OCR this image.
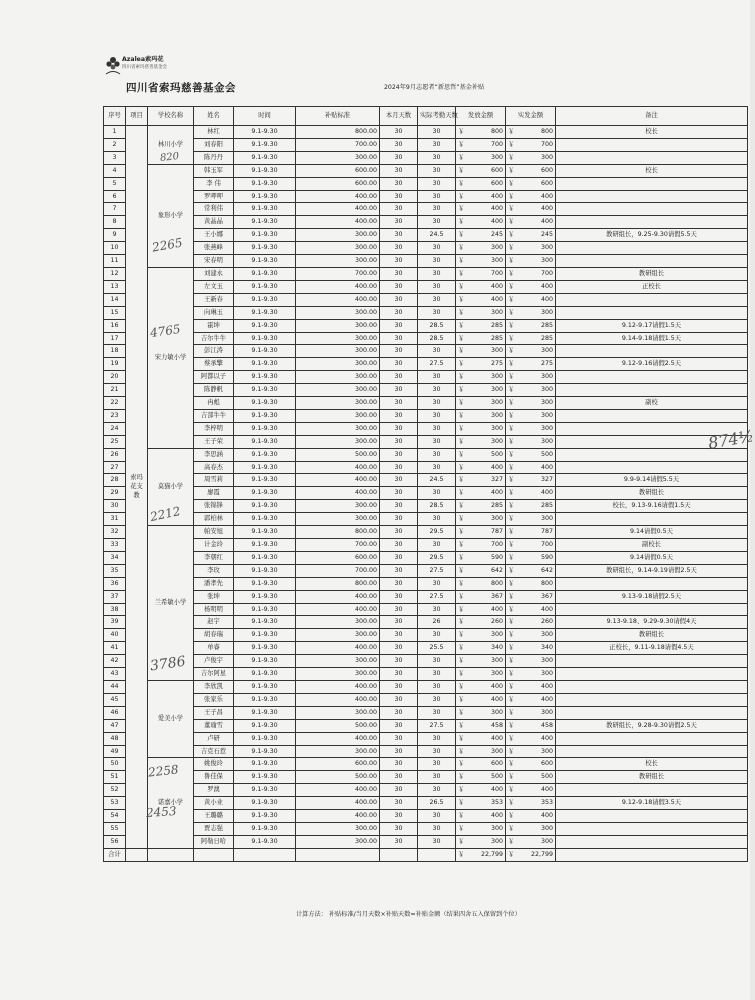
Azalea索玛花
四川省索玛慈善基金会
四川省索玛慈善基金会	2024年9月志愿者“新思哲”基金补贴
序号	项目	学校名称	姓名	时间	补贴标准	本月天数	实际考勤天数	发放金额	实发金额	备注
1	索玛花支教	林川小学	林红	9.1-9.30	800.00	30	30	￥ 800	￥ 800	校长
2			刘春阳	9.1-9.30	700.00	30	30	￥ 700	￥ 700	

3			陈丹丹	9.1-9.30	300.00	30	30	￥ 300	￥ 300	

4		象形小学	韩玉军	9.1-9.30	600.00	30	30	￥ 600	￥ 600	校长
5			李 伟	9.1-9.30	600.00	30	30	￥ 600	￥ 600	

6			罗呷呷	9.1-9.30	400.00	30	30	￥ 400	￥ 400	

7			常利伟	9.1-9.30	400.00	30	30	￥ 400	￥ 400	

8			黄晶晶	9.1-9.30	400.00	30	30	￥ 400	￥ 400	

9			王小娜	9.1-9.30	300.00	30	24.5	￥ 245	￥ 245	教研组长，9.25-9.30请假5.5天
10			张燕峰	9.1-9.30	300.00	30	30	￥ 300	￥ 300	

11			宋春明	9.1-9.30	300.00	30	30	￥ 300	￥ 300	

12		宋力敏小学	刘建永	9.1-9.30	700.00	30	30	￥ 700	￥ 700	教研组长
13			左文玉	9.1-9.30	400.00	30	30	￥ 400	￥ 400	正校长
14			王新春	9.1-9.30	400.00	30	30	￥ 400	￥ 400	

15			向琳玉	9.1-9.30	300.00	30	30	￥ 300	￥ 300	

16			霍坤	9.1-9.30	300.00	30	28.5	￥ 285	￥ 285	9.12-9.17请假1.5天
17			吉尔牛牛	9.1-9.30	300.00	30	28.5	￥ 285	￥ 285	9.14-9.18请假1.5天
18			彭江涛	9.1-9.30	300.00	30	30	￥ 300	￥ 300	

19			蔡承擎	9.1-9.30	300.00	30	27.5	￥ 275	￥ 275	9.12-9.16请假2.5天
20			阿都以子	9.1-9.30	300.00	30	30	￥ 300	￥ 300	

21			陈静帆	9.1-9.30	300.00	30	30	￥ 300	￥ 300	

22			冉彪	9.1-9.30	300.00	30	30	￥ 300	￥ 300	副校
23			吉部牛牛	9.1-9.30	300.00	30	30	￥ 300	￥ 300	

24			李梓明	9.1-9.30	300.00	30	30	￥ 300	￥ 300	

25			王子荣	9.1-9.30	300.00	30	30	￥ 300	￥ 300	

26		莫猫小学	李思涵	9.1-9.30	500.00	30	30	￥ 500	￥ 500	

27			高春杰	9.1-9.30	400.00	30	30	￥ 400	￥ 400	

28			周雪莉	9.1-9.30	400.00	30	24.5	￥ 327	￥ 327	9.9-9.14请假5.5天
29			廖霞	9.1-9.30	400.00	30	30	￥ 400	￥ 400	教研组长
30			张锦锋	9.1-9.30	300.00	30	28.5	￥ 285	￥ 285	校长，9.13-9.16请假1.5天
31			郭柏林	9.1-9.30	300.00	30	30	￥ 300	￥ 300	

32		兰希敏小学	帕安旭	9.1-9.30	800.00	30	29.5	￥ 787	￥ 787	9.14请假0.5天
33			计金玲	9.1-9.30	700.00	30	30	￥ 700	￥ 700	副校长
34			李朝红	9.1-9.30	600.00	30	29.5	￥ 590	￥ 590	9.14请假0.5天
35			李玫	9.1-9.30	700.00	30	27.5	￥ 642	￥ 642	教研组长，9.14-9.19请假2.5天
36			潘孝先	9.1-9.30	800.00	30	30	￥ 800	￥ 800	

37			张坤	9.1-9.30	400.00	30	27.5	￥ 367	￥ 367	9.13-9.18请假2.5天
38			杨明明	9.1-9.30	400.00	30	30	￥ 400	￥ 400	

39			赵宇	9.1-9.30	300.00	30	26	￥ 260	￥ 260	9.13-9.18、9.29-9.30请假4天
40			胡春瑞	9.1-9.30	300.00	30	30	￥ 300	￥ 300	教研组长
41			单睿	9.1-9.30	400.00	30	25.5	￥ 340	￥ 340	正校长，9.11-9.18请假4.5天
42			卢俊宇	9.1-9.30	300.00	30	30	￥ 300	￥ 300	

43			吉尔阿星	9.1-9.30	300.00	30	30	￥ 300	￥ 300	

44		爱美小学	李欣凯	9.1-9.30	400.00	30	30	￥ 400	￥ 400	

45			张家乐	9.1-9.30	400.00	30	30	￥ 400	￥ 400	

46			王子昌	9.1-9.30	300.00	30	30	￥ 300	￥ 300	

47			董瑜雪	9.1-9.30	500.00	30	27.5	￥ 458	￥ 458	教研组长，9.28-9.30请假2.5天
48			卢研	9.1-9.30	400.00	30	30	￥ 400	￥ 400	

49			吉克石惹	9.1-9.30	300.00	30	30	￥ 300	￥ 300	

50		诺嘉小学	姚俊玲	9.1-9.30	600.00	30	30	￥ 600	￥ 600	校长
51			鲁佳保	9.1-9.30	500.00	30	30	￥ 500	￥ 500	教研组长
52			罗澳	9.1-9.30	400.00	30	30	￥ 400	￥ 400	

53			黄小业	9.1-9.30	400.00	30	26.5	￥ 353	￥ 353	9.12-9.18请假3.5天
54			王璐璐	9.1-9.30	400.00	30	30	￥ 400	￥ 400	

55			贾志强	9.1-9.30	300.00	30	30	￥ 300	￥ 300	

56			阿勒日哈	9.1-9.30	300.00	30	30	￥ 300	￥ 300	

合计								￥ 22,799	￥ 22,799	

820
2265
4765
2212
3786
2258
2453
874½
计算方法： 补贴标准/当月天数×补贴天数=补贴金额（结果四舍五入保留到个位）
